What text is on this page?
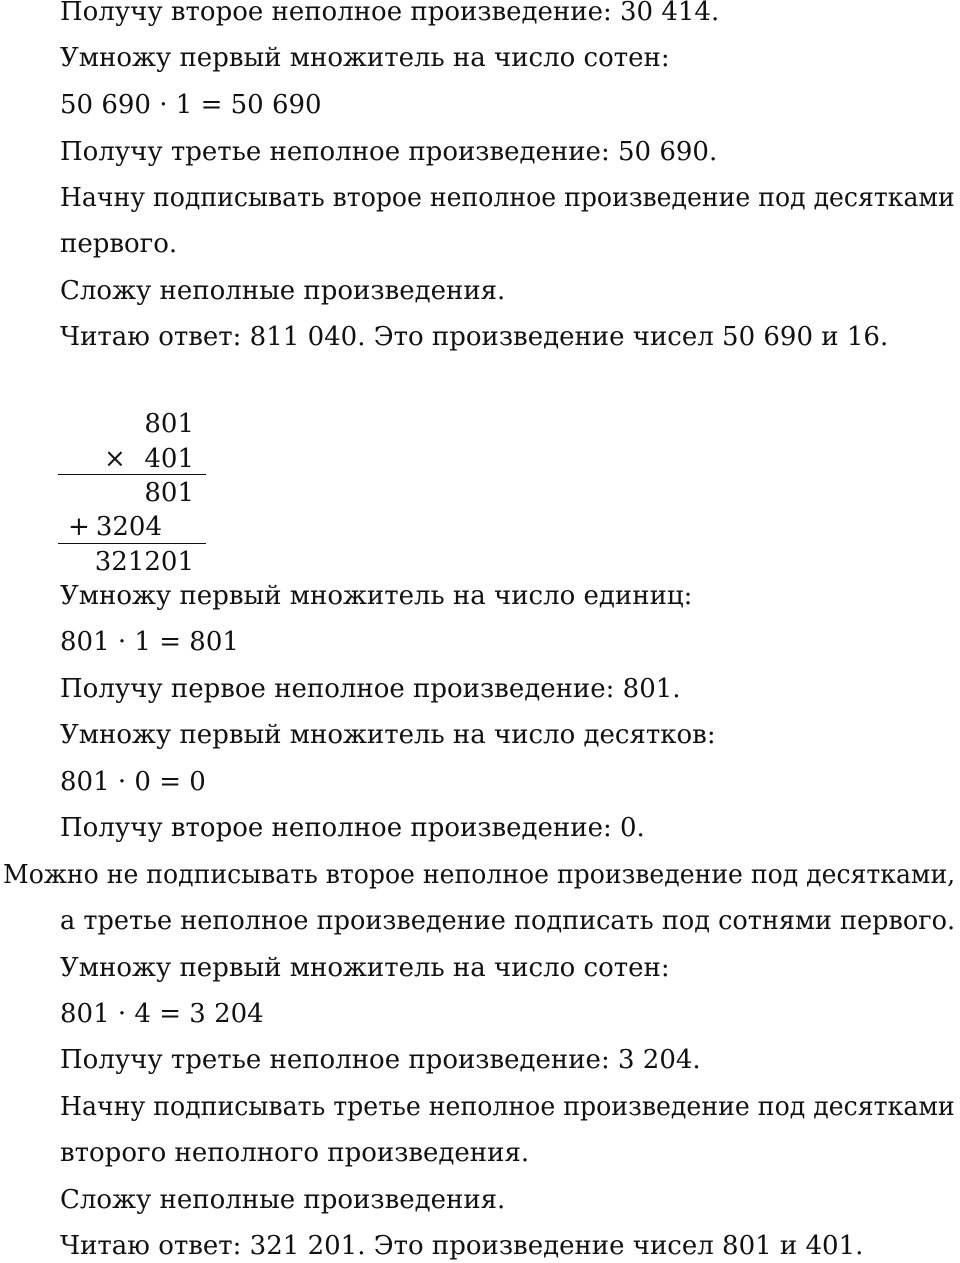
Получу второе неполное произведение: 30 414.

Умножу первый множитель на число сотен:

50 690 · 1 = 50 690

Получу третье неполное произведение: 50 690.

Начну подписывать второе неполное произведение под десятками

первого.

Сложу неполные произведения.

Читаю ответ: 811 040. Это произведение чисел 50 690 и 16.

801
× 401
801
+ 3204
321201

Умножу первый множитель на число единиц:

801 · 1 = 801

Получу первое неполное произведение: 801.

Умножу первый множитель на число десятков:

801 · 0 = 0

Получу второе неполное произведение: 0.

Можно не подписывать второе неполное произведение под десятками,

а третье неполное произведение подписать под сотнями первого.

Умножу первый множитель на число сотен:

801 · 4 = 3 204

Получу третье неполное произведение: 3 204.

Начну подписывать третье неполное произведение под десятками

второго неполного произведения.

Сложу неполные произведения.

Читаю ответ: 321 201. Это произведение чисел 801 и 401.
